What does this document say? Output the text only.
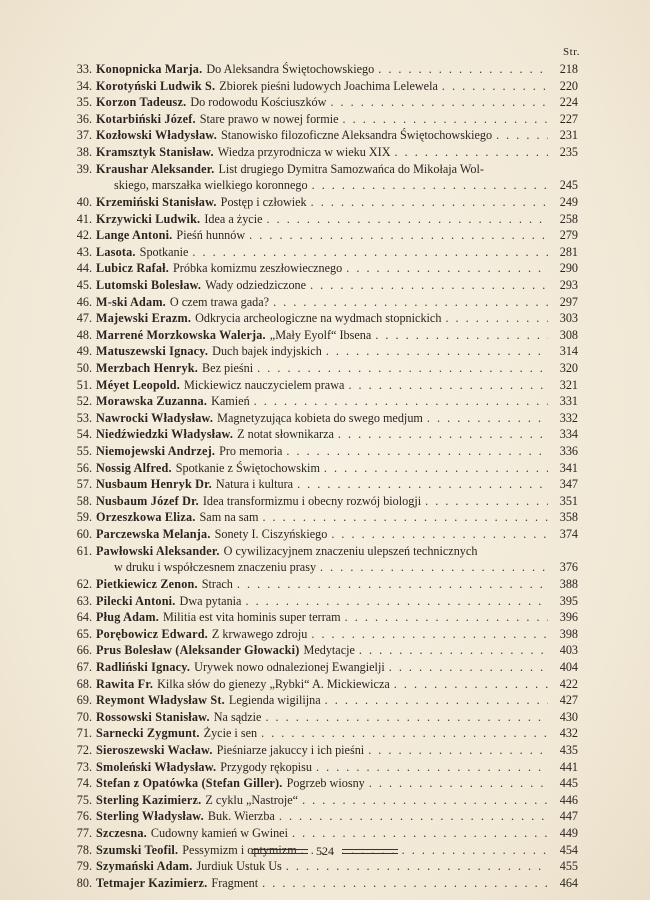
Str.
33. Konopnicka Marja. Do Aleksandra Świętochowskiego . . .	218
34. Korotyński Ludwik S. Zbiorek pieśni ludowych Joachima Lelewela . . .	220
35. Korzon Tadeusz. Do rodowodu Kościuszków . . .	224
36. Kotarbiński Józef. Stare prawo w nowej formie . . .	227
37. Kozłowski Władysław. Stanowisko filozoficzne Aleksandra Świętochowskiego . . .	231
38. Kramsztyk Stanisław. Wiedza przyrodnicza w wieku XIX . . .	235
39. Kraushar Aleksander. List drugiego Dymitra Samozwańca do Mikołaja Wol-
skiego, marszałka wielkiego koronnego . . .	245
40. Krzemiński Stanisław. Postęp i człowiek . . .	249
41. Krzywicki Ludwik. Idea a życie . . .	258
42. Lange Antoni. Pieśń hunnów . . .	279
43. Lasota. Spotkanie . . .	281
44. Lubicz Rafał. Próbka komizmu zeszłowiecznego . . .	290
45. Lutomski Bolesław. Wady odziedziczone . . .	293
46. M-ski Adam. O czem trawa gada? . . .	297
47. Majewski Erazm. Odkrycia archeologiczne na wydmach stopnickich . . .	303
48. Marrené Morzkowska Walerja. „Mały Eyolf“ Ibsena . . .	308
49. Matuszewski Ignacy. Duch bajek indyjskich . . .	314
50. Merzbach Henryk. Bez pieśni . . .	320
51. Méyet Leopold. Mickiewicz nauczycielem prawa . . .	321
52. Morawska Zuzanna. Kamień . . .	331
53. Nawrocki Władysław. Magnetyzująca kobieta do swego medjum . . .	332
54. Niedźwiedzki Władysław. Z notat słownikarza . . .	334
55. Niemojewski Andrzej. Pro memoria . . .	336
56. Nossig Alfred. Spotkanie z Świętochowskim . . .	341
57. Nusbaum Henryk Dr. Natura i kultura . . .	347
58. Nusbaum Józef Dr. Idea transformizmu i obecny rozwój biologji . . .	351
59. Orzeszkowa Eliza. Sam na sam . . .	358
60. Parczewska Melanja. Sonety I. Ciszyńskiego . . .	374
61. Pawłowski Aleksander. O cywilizacyjnem znaczeniu ulepszeń technicznych
w druku i współczesnem znaczeniu prasy . . .	376
62. Pietkiewicz Zenon. Strach . . .	388
63. Pilecki Antoni. Dwa pytania . . .	395
64. Pług Adam. Militia est vita hominis super terram . . .	396
65. Porębowicz Edward. Z krwawego zdroju . . .	398
66. Prus Bolesław (Aleksander Głowacki) Medytacje . . .	403
67. Radliński Ignacy. Urywek nowo odnalezionej Ewangielji . . .	404
68. Rawita Fr. Kilka słów do gienezy „Rybki“ A. Mickiewicza . . .	422
69. Reymont Władysław St. Legienda wigilijna . . .	427
70. Rossowski Stanisław. Na sądzie . . .	430
71. Sarnecki Zygmunt. Życie i sen . . .	432
72. Sieroszewski Wacław. Pieśniarze jakuccy i ich pieśni . . .	435
73. Smoleński Władysław. Przygody rękopisu . . .	441
74. Stefan z Opatówka (Stefan Giller). Pogrzeb wiosny . . .	445
75. Sterling Kazimierz. Z cyklu „Nastroje“ . . .	446
76. Sterling Władysław. Buk. Wierzba . . .	447
77. Szczesna. Cudowny kamień w Gwinei . . .	449
78. Szumski Teofil. Pessymizm i optymizm . . .	454
79. Szymański Adam. Jurdiuk Ustuk Us . . .	455
80. Tetmajer Kazimierz. Fragment . . .	464
524
